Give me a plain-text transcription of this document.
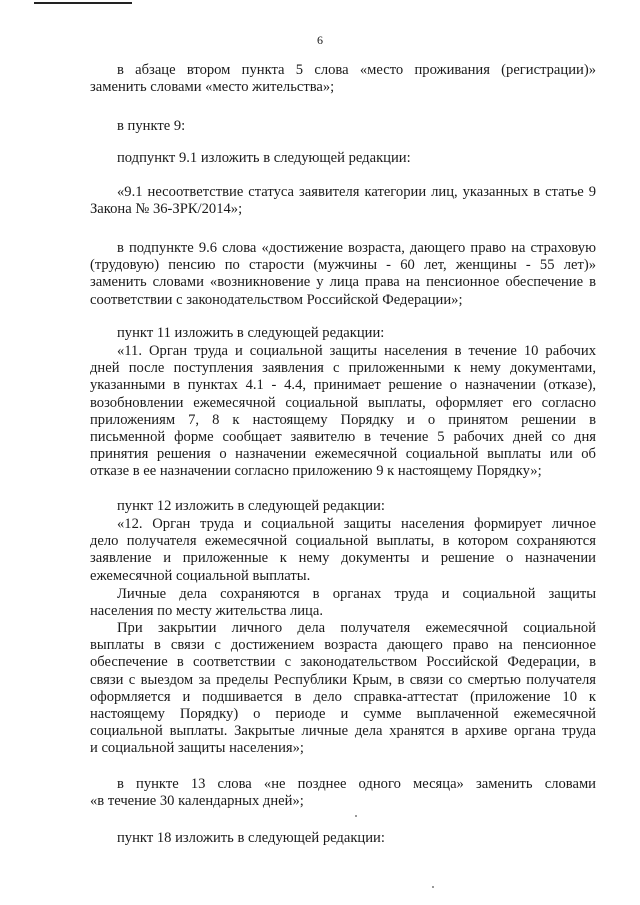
6
в абзаце втором пункта 5 слова «место проживания (регистрации)»
заменить словами «место жительства»;
в пункте 9:
подпункт 9.1 изложить в следующей редакции:
«9.1 несоответствие статуса заявителя категории лиц, указанных в статье 9
Закона № 36-ЗРК/2014»;
в подпункте 9.6 слова «достижение возраста, дающего право на страховую
(трудовую) пенсию по старости (мужчины - 60 лет, женщины - 55 лет)»
заменить словами «возникновение у лица права на пенсионное обеспечение в
соответствии с законодательством Российской Федерации»;
пункт 11 изложить в следующей редакции:
«11. Орган труда и социальной защиты населения в течение 10 рабочих
дней после поступления заявления с приложенными к нему документами,
указанными в пунктах 4.1 - 4.4, принимает решение о назначении (отказе),
возобновлении ежемесячной социальной выплаты, оформляет его согласно
приложениям 7, 8 к настоящему Порядку и о принятом решении в
письменной форме сообщает заявителю в течение 5 рабочих дней со дня
принятия решения о назначении ежемесячной социальной выплаты или об
отказе в ее назначении согласно приложению 9 к настоящему Порядку»;
пункт 12 изложить в следующей редакции:
«12. Орган труда и социальной защиты населения формирует личное
дело получателя ежемесячной социальной выплаты, в котором сохраняются
заявление и приложенные к нему документы и решение о назначении
ежемесячной социальной выплаты.
Личные дела сохраняются в органах труда и социальной защиты
населения по месту жительства лица.
При закрытии личного дела получателя ежемесячной социальной
выплаты в связи с достижением возраста дающего право на пенсионное
обеспечение в соответствии с законодательством Российской Федерации, в
связи с выездом за пределы Республики Крым, в связи со смертью получателя
оформляется и подшивается в дело справка-аттестат (приложение 10 к
настоящему Порядку) о периоде и сумме выплаченной ежемесячной
социальной выплаты. Закрытые личные дела хранятся в архиве органа труда
и социальной защиты населения»;
в пункте 13 слова «не позднее одного месяца» заменить словами
«в течение 30 календарных дней»;
пункт 18 изложить в следующей редакции:
